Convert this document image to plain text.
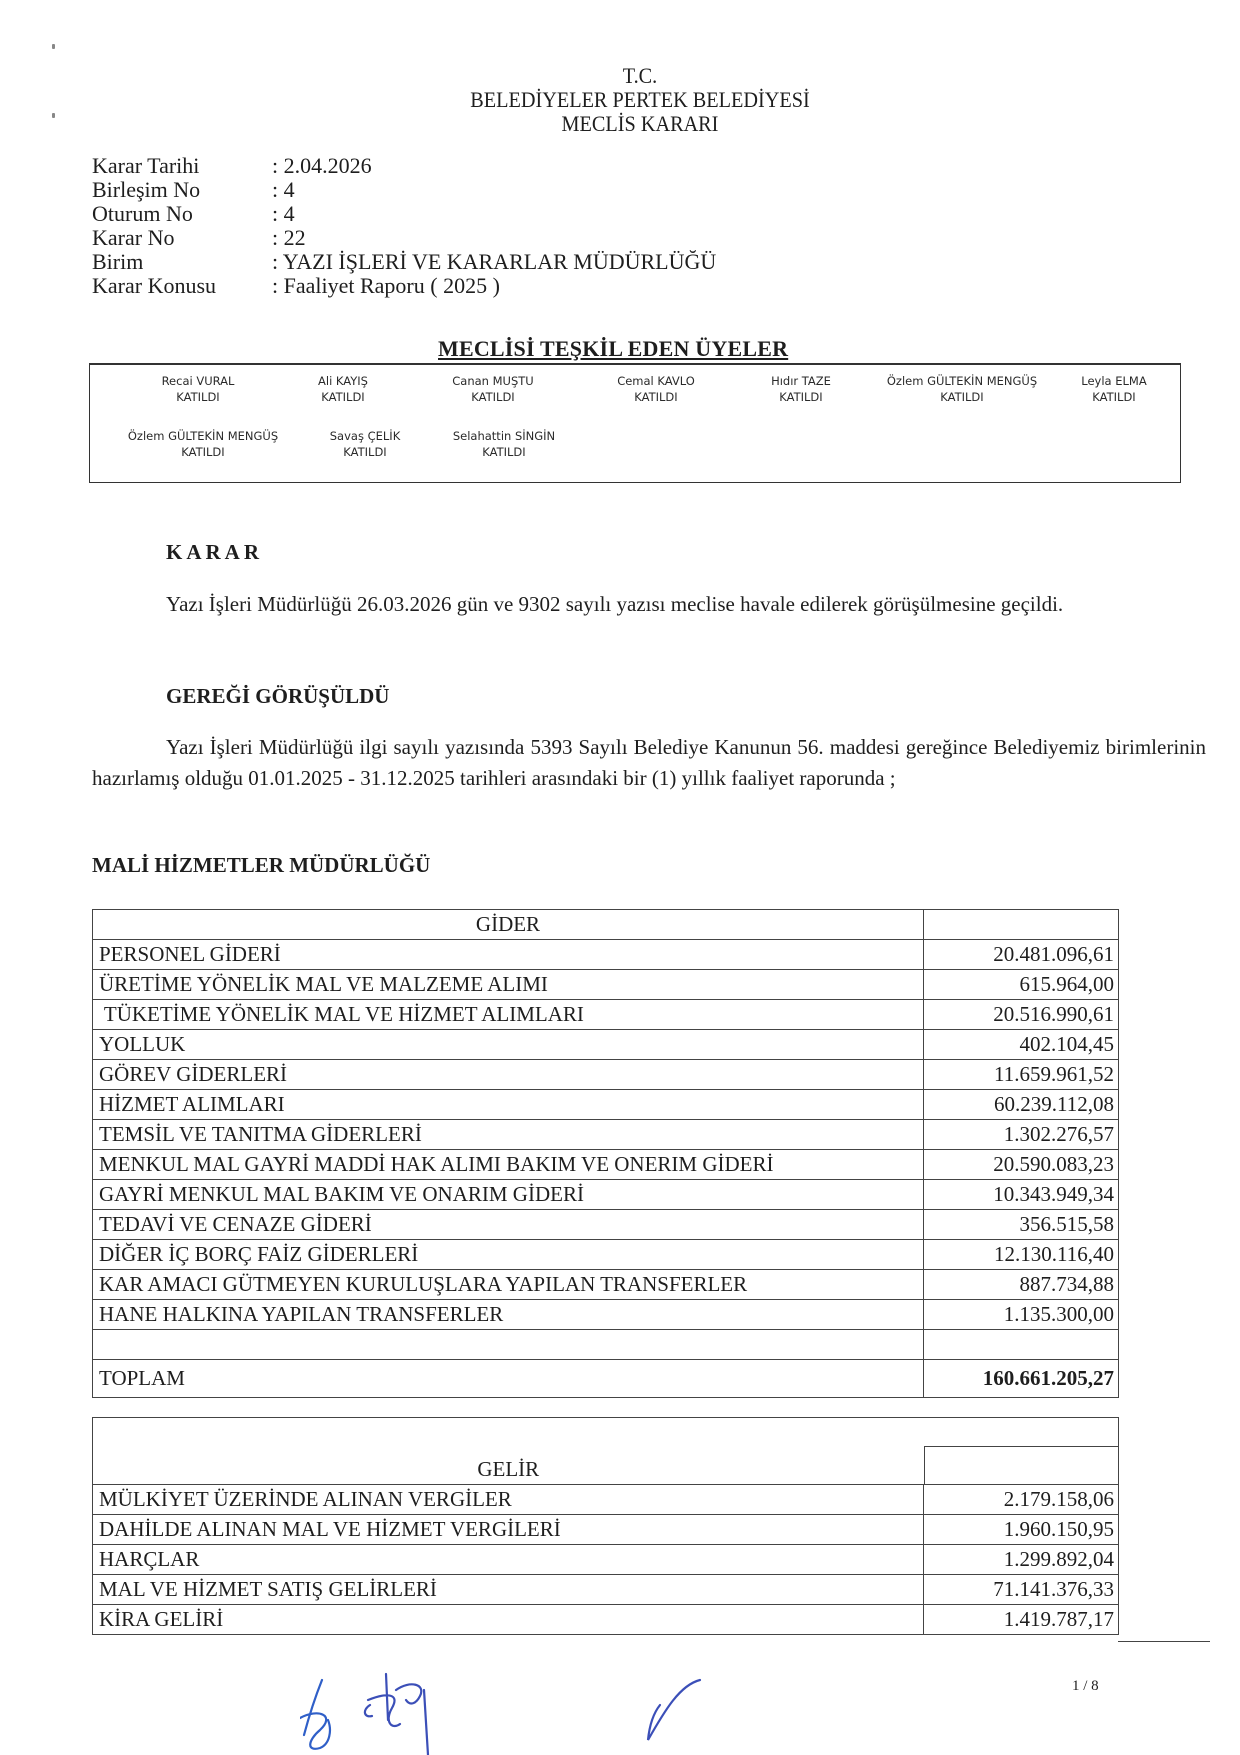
T.C.
BELEDİYELER PERTEK BELEDİYESİ
MECLİS KARARI
Karar Tarihi	: 2.04.2026
Birleşim No	: 4
Oturum No	: 4
Karar No	: 22
Birim	: YAZI İŞLERİ VE KARARLAR MÜDÜRLÜĞÜ
Karar Konusu	: Faaliyet Raporu ( 2025 )
MECLİSİ TEŞKİL EDEN ÜYELER
Recai VURAL
KATILDI
Ali KAYIŞ
KATILDI
Canan MUŞTU
KATILDI
Cemal KAVLO
KATILDI
Hıdır TAZE
KATILDI
Özlem GÜLTEKİN MENGÜŞ
KATILDI
Leyla ELMA
KATILDI
Özlem GÜLTEKİN MENGÜŞ
KATILDI
Savaş ÇELİK
KATILDI
Selahattin SİNGİN
KATILDI
KARAR
Yazı İşleri Müdürlüğü 26.03.2026 gün ve 9302 sayılı yazısı meclise havale edilerek görüşülmesine geçildi.
GEREĞİ GÖRÜŞÜLDÜ
Yazı İşleri Müdürlüğü ilgi sayılı yazısında 5393 Sayılı Belediye Kanunun 56. maddesi gereğince Belediyemiz birimlerinin hazırlamış olduğu 01.01.2025 - 31.12.2025 tarihleri arasındaki bir (1) yıllık faaliyet raporunda ;
MALİ HİZMETLER MÜDÜRLÜĞÜ
GİDER	
PERSONEL GİDERİ	20.481.096,61
ÜRETİME YÖNELİK MAL VE MALZEME ALIMI	615.964,00
TÜKETİME YÖNELİK MAL VE HİZMET ALIMLARI	20.516.990,61
YOLLUK	402.104,45
GÖREV GİDERLERİ	11.659.961,52
HİZMET ALIMLARI	60.239.112,08
TEMSİL VE TANITMA GİDERLERİ	1.302.276,57
MENKUL MAL GAYRİ MADDİ HAK ALIMI BAKIM VE ONERIM GİDERİ	20.590.083,23
GAYRİ MENKUL MAL BAKIM VE ONARIM GİDERİ	10.343.949,34
TEDAVİ VE CENAZE GİDERİ	356.515,58
DİĞER İÇ BORÇ FAİZ GİDERLERİ	12.130.116,40
KAR AMACI GÜTMEYEN KURULUŞLARA YAPILAN TRANSFERLER	887.734,88
HANE HALKINA YAPILAN TRANSFERLER	1.135.300,00

TOPLAM	160.661.205,27
GELİR	

MÜLKİYET ÜZERİNDE ALINAN VERGİLER	2.179.158,06
DAHİLDE ALINAN MAL VE HİZMET VERGİLERİ	1.960.150,95
HARÇLAR	1.299.892,04
MAL VE HİZMET SATIŞ GELİRLERİ	71.141.376,33
KİRA GELİRİ	1.419.787,17
1 / 8
